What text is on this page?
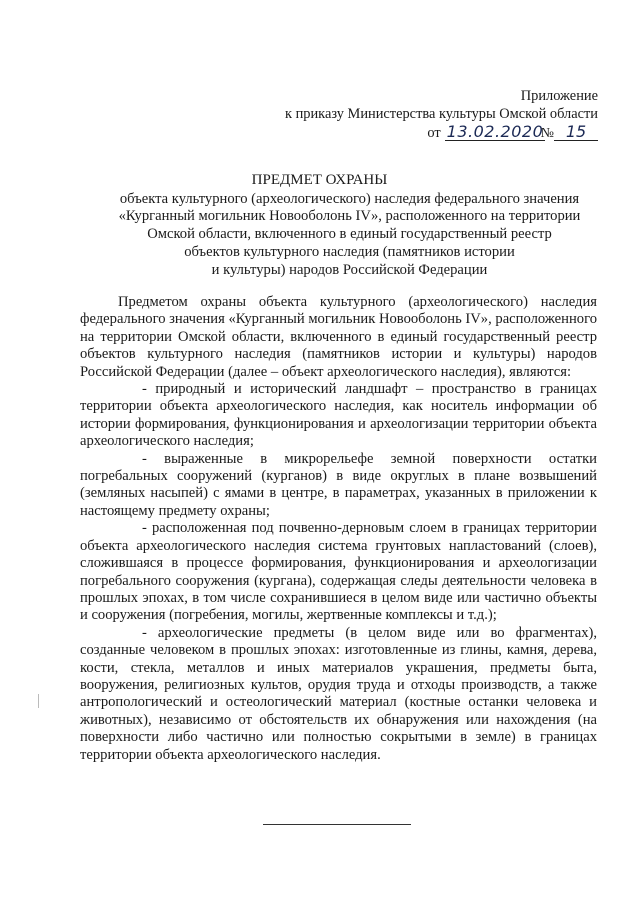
Приложение
к приказу Министерства культуры Омской области
от 13.02.2020
№ 15
ПРЕДМЕТ ОХРАНЫ
объекта культурного (археологического) наследия федерального значения
«Курганный могильник Новооболонь IV», расположенного на территории
Омской области, включенного в единый государственный реестр
объектов культурного наследия (памятников истории
и культуры) народов Российской Федерации

Предметом охраны объекта культурного (археологического) наследия федерального значения «Курганный могильник Новооболонь IV», расположенного на территории Омской области, включенного в единый государственный реестр объектов культурного наследия (памятников истории и культуры) народов Российской Федерации (далее – объект археологического наследия), являются:

- природный и исторический ландшафт – пространство в границах территории объекта археологического наследия, как носитель информации об истории формирования, функционирования и археологизации территории объекта археологического наследия;

- выраженные в микрорельефе земной поверхности остатки погребальных сооружений (курганов) в виде округлых в плане возвышений (земляных насыпей) с ямами в центре, в параметрах, указанных в приложении к настоящему предмету охраны;

- расположенная под почвенно-дерновым слоем в границах территории объекта археологического наследия система грунтовых напластований (слоев), сложившаяся в процессе формирования, функционирования и археологизации погребального сооружения (кургана), содержащая следы деятельности человека в прошлых эпохах, в том числе сохранившиеся в целом виде или частично объекты и сооружения (погребения, могилы, жертвенные комплексы и т.д.);

- археологические предметы (в целом виде или во фрагментах), созданные человеком в прошлых эпохах: изготовленные из глины, камня, дерева, кости, стекла, металлов и иных материалов украшения, предметы быта, вооружения, религиозных культов, орудия труда и отходы производств, а также антропологический и остеологический материал (костные останки человека и животных), независимо от обстоятельств их обнаружения или нахождения (на поверхности либо частично или полностью сокрытыми в земле) в границах территории объекта археологического наследия.
